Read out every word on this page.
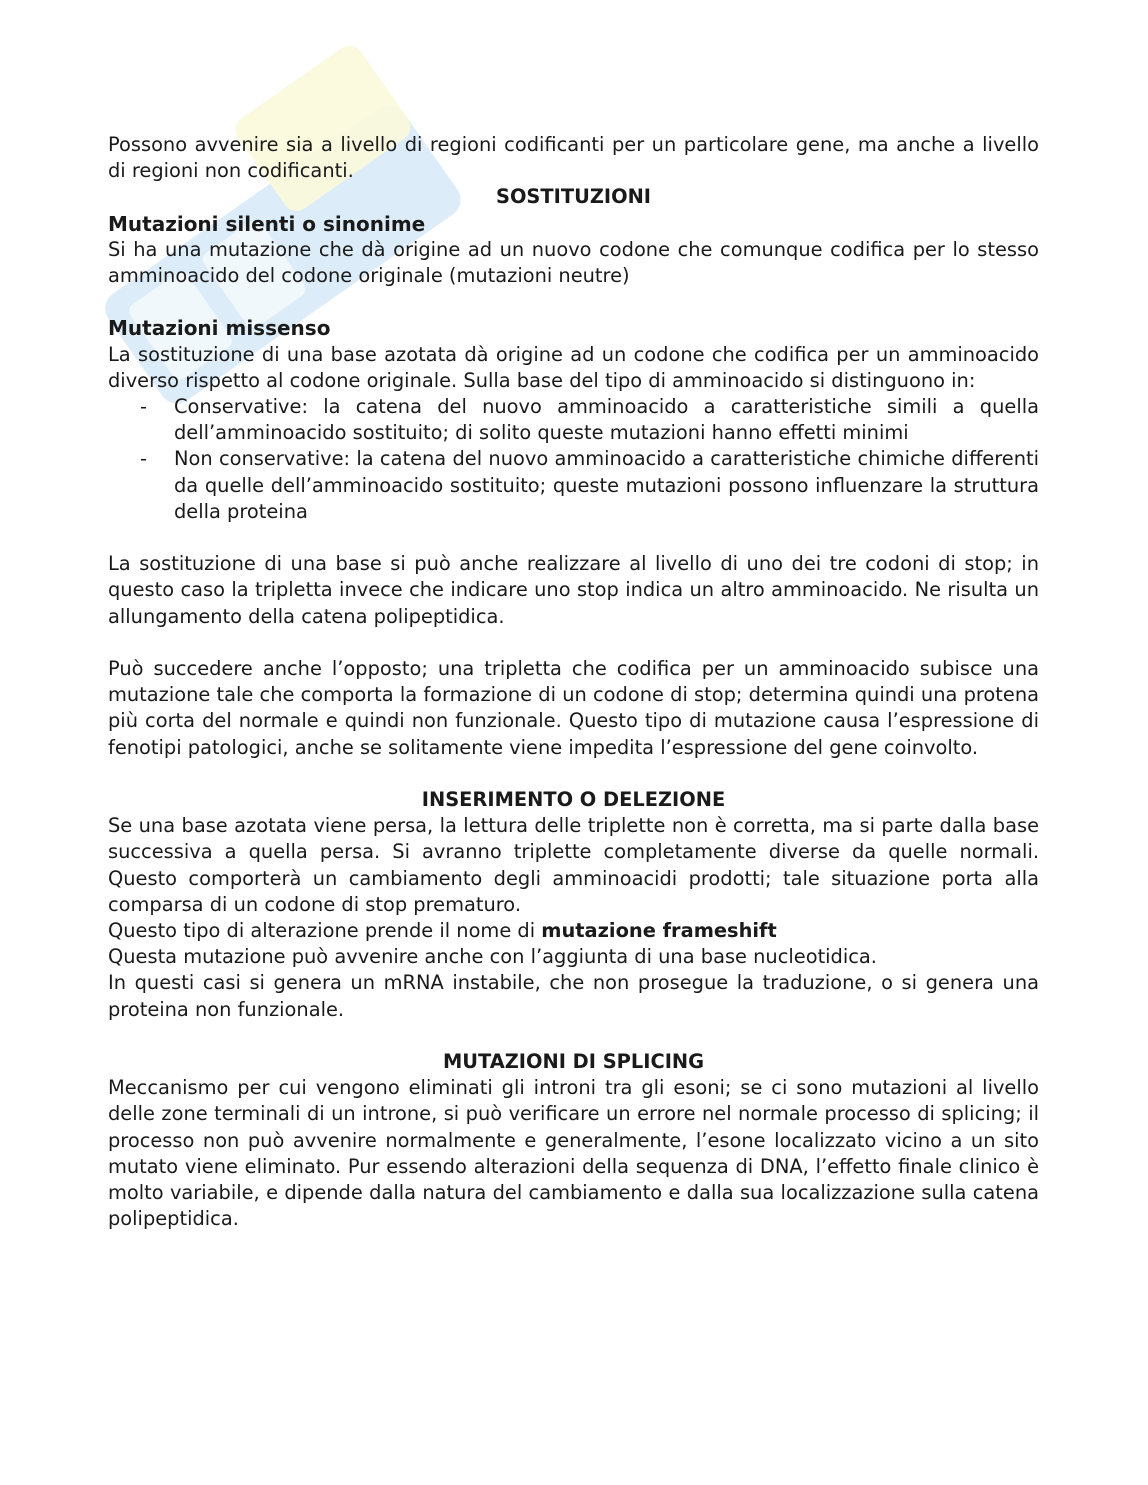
Possono avvenire sia a livello di regioni codificanti per un particolare gene, ma anche a livello di regioni non codificanti.

SOSTITUZIONI
Mutazioni silenti o sinonime

Si ha una mutazione che dà origine ad un nuovo codone che comunque codifica per lo stesso amminoacido del codone originale (mutazioni neutre)

Mutazioni missenso

La sostituzione di una base azotata dà origine ad un codone che codifica per un amminoacido diverso rispetto al codone originale. Sulla base del tipo di amminoacido si distinguono in:

- Conservative: la catena del nuovo amminoacido a caratteristiche simili a quella dell’amminoacido sostituito; di solito queste mutazioni hanno effetti minimi
- Non conservative: la catena del nuovo amminoacido a caratteristiche chimiche differenti da quelle dell’amminoacido sostituito; queste mutazioni possono influenzare la struttura della proteina

La sostituzione di una base si può anche realizzare al livello di uno dei tre codoni di stop; in questo caso la tripletta invece che indicare uno stop indica un altro amminoacido. Ne risulta un allungamento della catena polipeptidica.

Può succedere anche l’opposto; una tripletta che codifica per un amminoacido subisce una mutazione tale che comporta la formazione di un codone di stop; determina quindi una protena più corta del normale e quindi non funzionale. Questo tipo di mutazione causa l’espressione di fenotipi patologici, anche se solitamente viene impedita l’espressione del gene coinvolto.

INSERIMENTO O DELEZIONE

Se una base azotata viene persa, la lettura delle triplette non è corretta, ma si parte dalla base successiva a quella persa. Si avranno triplette completamente diverse da quelle normali. Questo comporterà un cambiamento degli amminoacidi prodotti; tale situazione porta alla comparsa di un codone di stop prematuro.

Questo tipo di alterazione prende il nome di mutazione frameshift

Questa mutazione può avvenire anche con l’aggiunta di una base nucleotidica.

In questi casi si genera un mRNA instabile, che non prosegue la traduzione, o si genera una proteina non funzionale.

MUTAZIONI DI SPLICING

Meccanismo per cui vengono eliminati gli introni tra gli esoni; se ci sono mutazioni al livello delle zone terminali di un introne, si può verificare un errore nel normale processo di splicing; il processo non può avvenire normalmente e generalmente, l’esone localizzato vicino a un sito mutato viene eliminato. Pur essendo alterazioni della sequenza di DNA, l’effetto finale clinico è molto variabile, e dipende dalla natura del cambiamento e dalla sua localizzazione sulla catena polipeptidica.
